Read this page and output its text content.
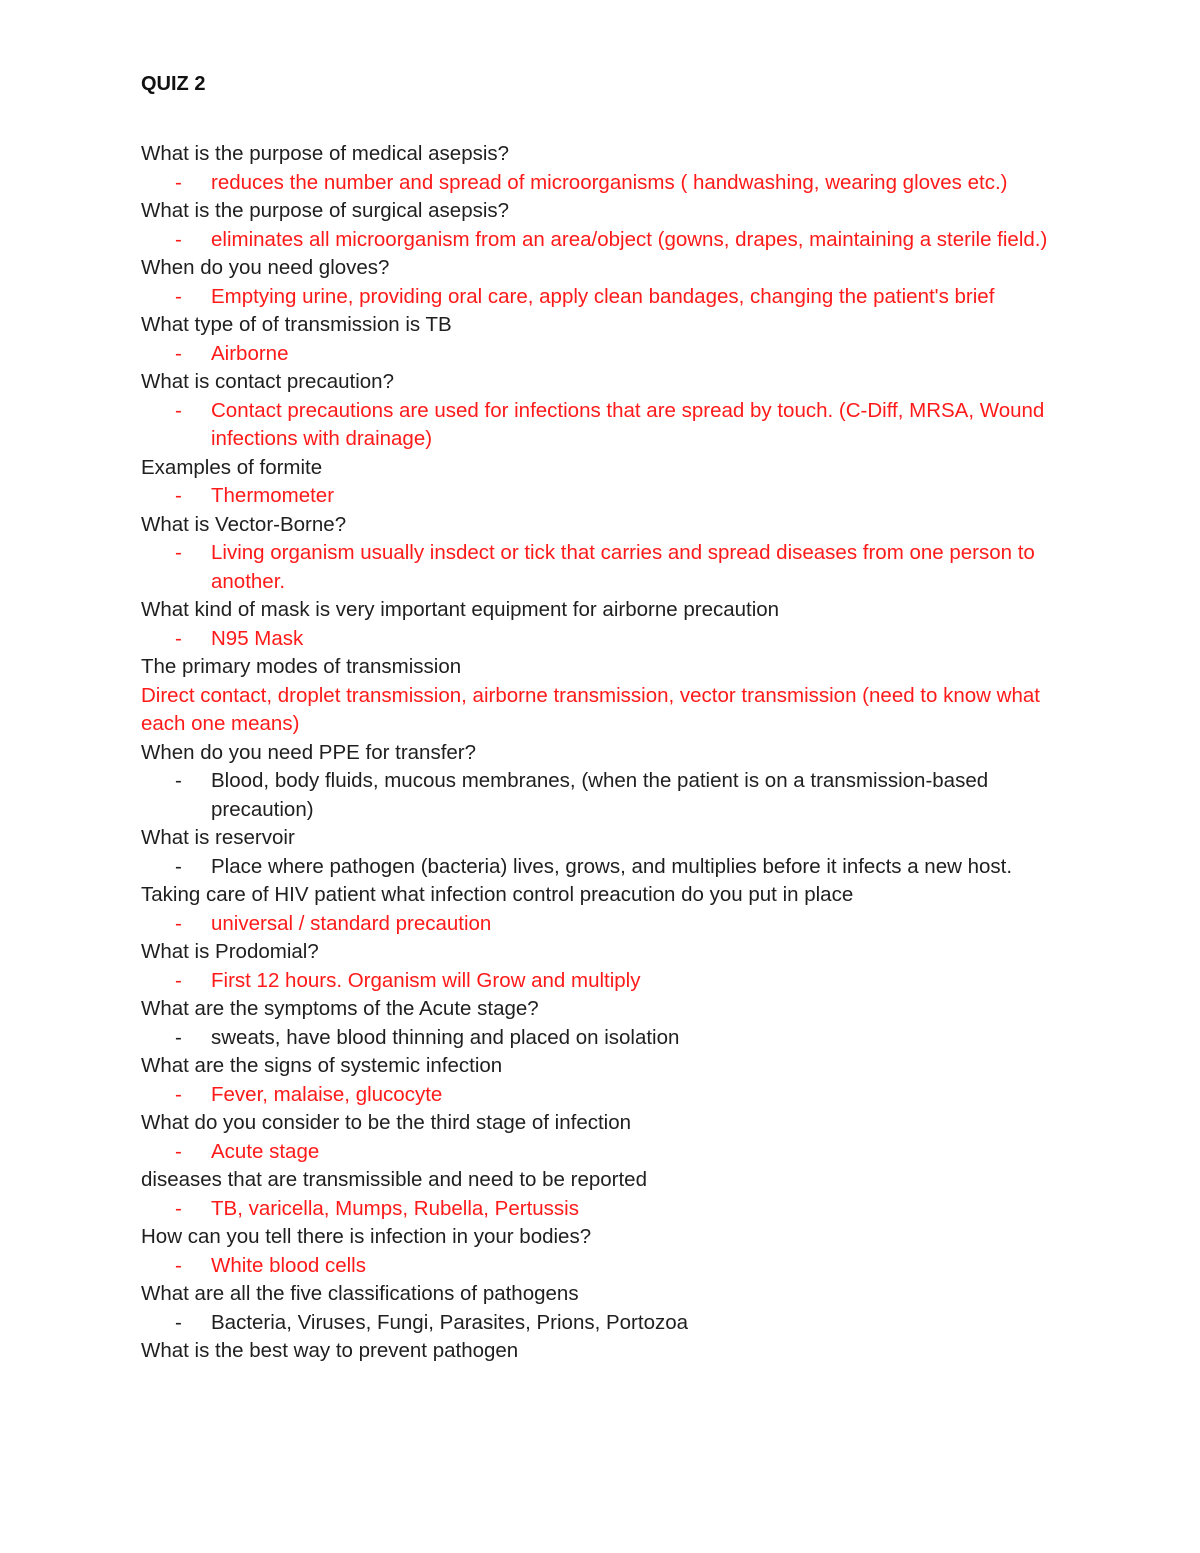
QUIZ 2
What is the purpose of medical asepsis?
- reduces the number and spread of microorganisms ( handwashing, wearing gloves etc.)
What is the purpose of surgical asepsis?
- eliminates all microorganism from an area/object (gowns, drapes, maintaining a sterile field.)
When do you need gloves?
- Emptying urine, providing oral care, apply clean bandages, changing the patient's brief
What type of of transmission is TB
- Airborne
What is contact precaution?
- Contact precautions are used for infections that are spread by touch. (C-Diff, MRSA, Wound infections with drainage)
Examples of formite
- Thermometer
What is Vector-Borne?
- Living organism usually insdect or tick that carries and spread diseases from one person to another.
What kind of mask is very important equipment for airborne precaution
- N95 Mask
The primary modes of transmission
Direct contact, droplet transmission, airborne transmission, vector transmission (need to know what each one means)
When do you need PPE for transfer?
- Blood, body fluids, mucous membranes, (when the patient is on a transmission-based precaution)
What is reservoir
- Place where pathogen (bacteria) lives, grows, and multiplies before it infects a new host.
Taking care of HIV patient what infection control preacution do you put in place
- universal / standard precaution
What is Prodomial?
- First 12 hours. Organism will Grow and multiply
What are the symptoms of the Acute stage?
- sweats, have blood thinning and placed on isolation
What are the signs of systemic infection
- Fever, malaise, glucocyte
What do you consider to be the third stage of infection
- Acute stage
diseases that are transmissible and need to be reported
- TB, varicella, Mumps, Rubella, Pertussis
How can you tell there is infection in your bodies?
- White blood cells
What are all the five classifications of pathogens
- Bacteria, Viruses, Fungi, Parasites, Prions, Portozoa
What is the best way to prevent pathogen
